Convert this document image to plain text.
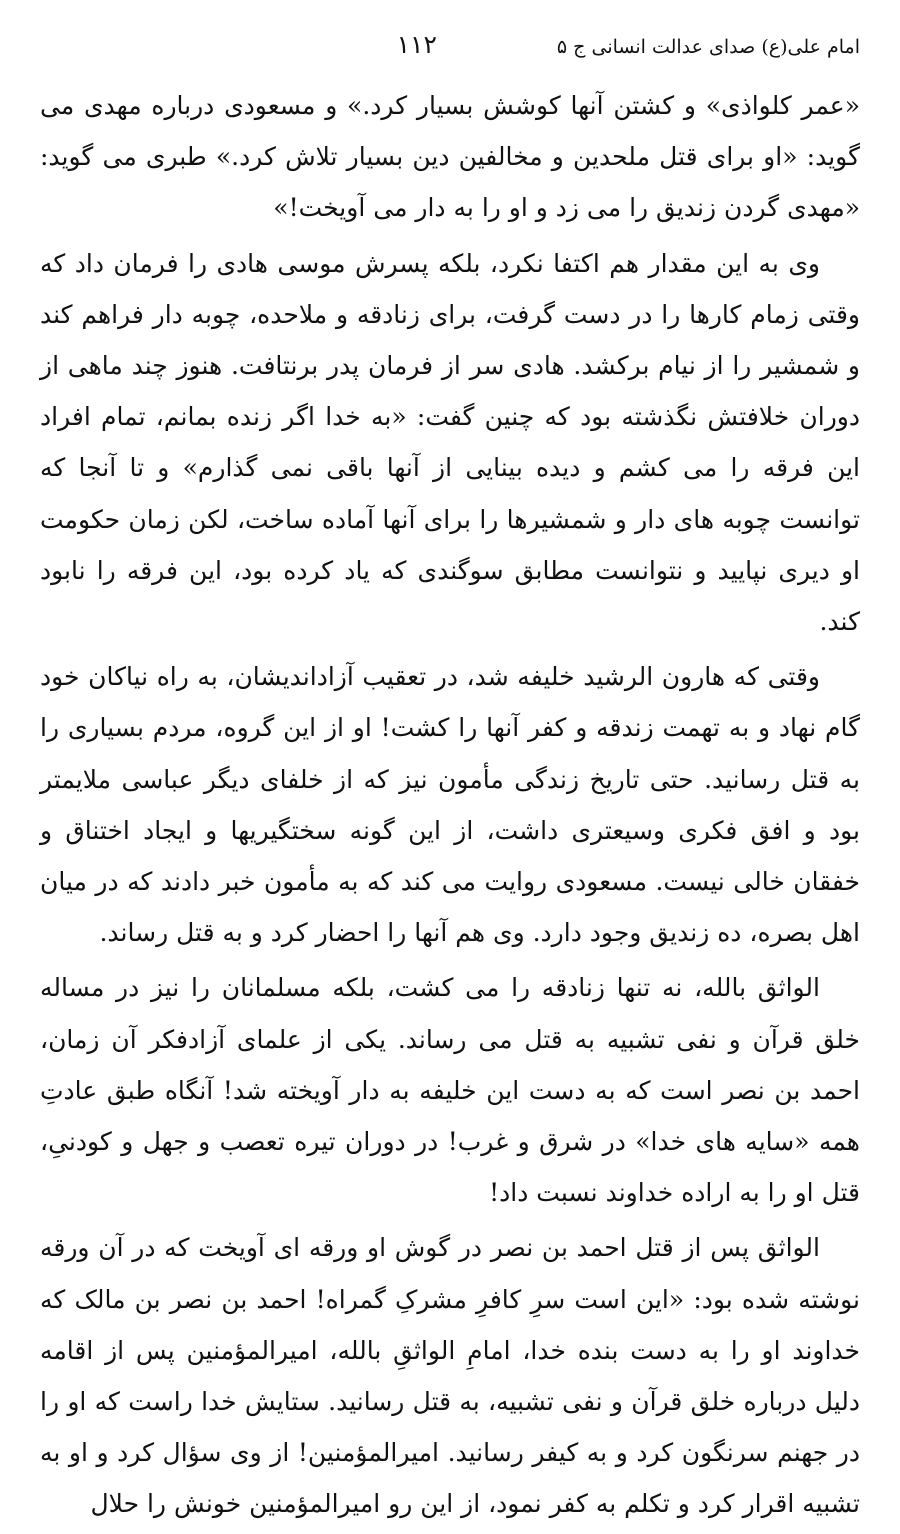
امام علی(ع) صدای عدالت انسانی ج ۵
۱۱۲

«عمر کلواذی» و کشتن آنها کوشش بسیار کرد.» و مسعودی درباره مهدی می گوید: «او برای قتل ملحدین و مخالفین دین بسیار تلاش کرد.» طبری می گوید: «مهدی گردن زندیق را می زد و او را به دار می آویخت!»

وی به این مقدار هم اکتفا نکرد، بلکه پسرش موسی هادی را فرمان داد که وقتی زمام کارها را در دست گرفت، برای زنادقه و ملاحده، چوبه دار فراهم کند و شمشیر را از نیام برکشد. هادی سر از فرمان پدر برنتافت. هنوز چند ماهی از دوران خلافتش نگذشته بود که چنین گفت: «به خدا اگر زنده بمانم، تمام افراد این فرقه را می کشم و دیده بینایی از آنها باقی نمی گذارم» و تا آنجا که توانست چوبه های دار و شمشیرها را برای آنها آماده ساخت، لکن زمان حکومت او دیری نپایید و نتوانست مطابق سوگندی که یاد کرده بود، این فرقه را نابود کند.

وقتی که هارون الرشید خلیفه شد، در تعقیب آزاداندیشان، به راه نیاکان خود گام نهاد و به تهمت زندقه و کفر آنها را کشت! او از این گروه، مردم بسیاری را به قتل رسانید. حتی تاریخ زندگی مأمون نیز که از خلفای دیگر عباسی ملایمتر بود و افق فکری وسیعتری داشت، از این گونه سختگیریها و ایجاد اختناق و خفقان خالی نیست. مسعودی روایت می کند که به مأمون خبر دادند که در میان اهل بصره، ده زندیق وجود دارد. وی هم آنها را احضار کرد و به قتل رساند.

الواثق بالله، نه تنها زنادقه را می کشت، بلکه مسلمانان را نیز در مساله خلق قرآن و نفی تشبیه به قتل می رساند. یکی از علمای آزادفکر آن زمان، احمد بن نصر است که به دست این خلیفه به دار آویخته شد! آنگاه طبق عادتِ همه «سایه های خدا» در شرق و غرب! در دوران تیره تعصب و جهل و کودنیِ، قتل او را به اراده خداوند نسبت داد!

الواثق پس از قتل احمد بن نصر در گوش او ورقه ای آویخت که در آن ورقه نوشته شده بود: «این است سرِ کافرِ مشرکِ گمراه! احمد بن نصر بن مالک که خداوند او را به دست بنده خدا، امامِ الواثقِ بالله، امیرالمؤمنین پس از اقامه دلیل درباره خلق قرآن و نفی تشبیه، به قتل رسانید. ستایش خدا راست که او را در جهنم سرنگون کرد و به کیفر رسانید. امیرالمؤمنین! از وی سؤال کرد و او به تشبیه اقرار کرد و تکلم به کفر نمود، از این رو امیرالمؤمنین خونش را حلال
